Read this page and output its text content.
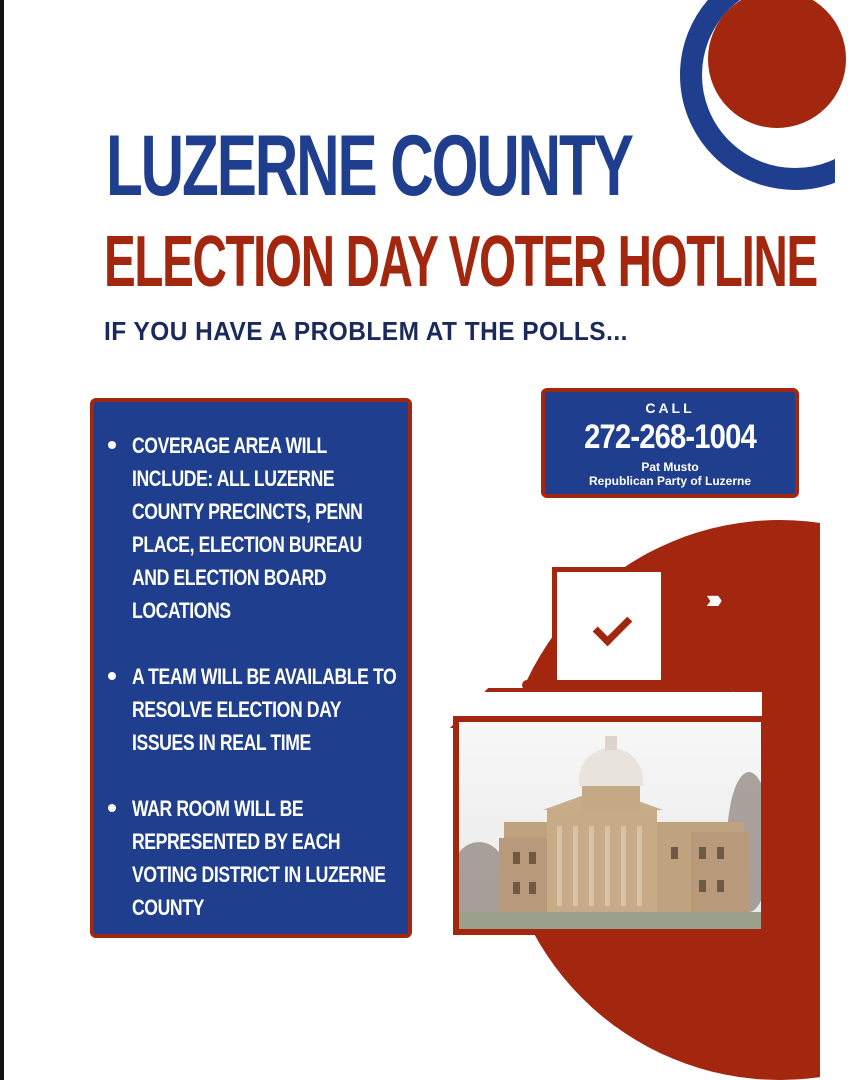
LUZERNE COUNTY
ELECTION DAY VOTER HOTLINE
IF YOU HAVE A PROBLEM AT THE POLLS...
COVERAGE AREA WILL INCLUDE: ALL LUZERNE COUNTY PRECINCTS, PENN PLACE, ELECTION BUREAU AND ELECTION BOARD LOCATIONS
A TEAM WILL BE AVAILABLE TO RESOLVE ELECTION DAY ISSUES IN REAL TIME
WAR ROOM WILL BE REPRESENTED BY EACH VOTING DISTRICT IN LUZERNE COUNTY
CALL
272-268-1004
Pat Musto
Republican Party of Luzerne
››››
